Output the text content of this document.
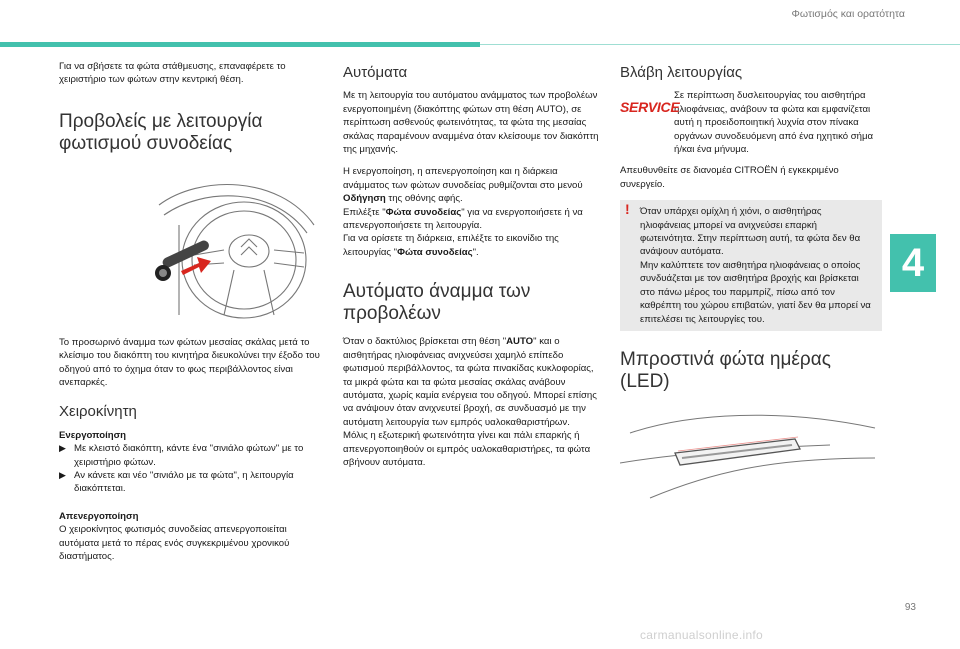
Φωτισμός και ορατότητα

Για να σβήσετε τα φώτα στάθμευσης, επαναφέρετε το χειριστήριο των φώτων στην κεντρική θέση.

Προβολείς με λειτουργία φωτισμού συνοδείας

Το προσωρινό άναμμα των φώτων μεσαίας σκάλας μετά το κλείσιμο του διακόπτη του κινητήρα διευκολύνει την έξοδο του οδηγού από το όχημα όταν το φως περιβάλλοντος είναι ανεπαρκές.

Χειροκίνητη

Ενεργοποίηση

▶ Με κλειστό διακόπτη, κάντε ένα "σινιάλο φώτων" με το χειριστήριο φώτων.
▶ Αν κάνετε και νέο "σινιάλο με τα φώτα", η λειτουργία διακόπτεται.

Απενεργοποίηση

Ο χειροκίνητος φωτισμός συνοδείας απενεργοποιείται αυτόματα μετά το πέρας ενός συγκεκριμένου χρονικού διαστήματος.

Αυτόματα

Με τη λειτουργία του αυτόματου ανάμματος των προβολέων ενεργοποιημένη (διακόπτης φώτων στη θέση AUTO), σε περίπτωση ασθενούς φωτεινότητας, τα φώτα της μεσαίας σκάλας παραμένουν αναμμένα όταν κλείσουμε τον διακόπτη της μηχανής.

Η ενεργοποίηση, η απενεργοποίηση και η διάρκεια ανάμματος των φώτων συνοδείας ρυθμίζονται στο μενού Οδήγηση της οθόνης αφής.

Επιλέξτε "Φώτα συνοδείας" για να ενεργοποιήσετε ή να απενεργοποιήσετε τη λειτουργία.

Για να ορίσετε τη διάρκεια, επιλέξτε το εικονίδιο της λειτουργίας "Φώτα συνοδείας".

Αυτόματο άναμμα των προβολέων

Όταν ο δακτύλιος βρίσκεται στη θέση "AUTO" και ο αισθητήρας ηλιοφάνειας ανιχνεύσει χαμηλό επίπεδο φωτισμού περιβάλλοντος, τα φώτα πινακίδας κυκλοφορίας, τα μικρά φώτα και τα φώτα μεσαίας σκάλας ανάβουν αυτόματα, χωρίς καμία ενέργεια του οδηγού. Μπορεί επίσης να ανάψουν όταν ανιχνευτεί βροχή, σε συνδυασμό με την αυτόματη λειτουργία των εμπρός υαλοκαθαριστήρων.

Μόλις η εξωτερική φωτεινότητα γίνει και πάλι επαρκής ή απενεργοποιηθούν οι εμπρός υαλοκαθαριστήρες, τα φώτα σβήνουν αυτόματα.

Βλάβη λειτουργίας
SERVICE
Σε περίπτωση δυσλειτουργίας του αισθητήρα ηλιοφάνειας, ανάβουν τα φώτα και εμφανίζεται αυτή η προειδοποιητική λυχνία στον πίνακα οργάνων συνοδευόμενη από ένα ηχητικό σήμα ή/και ένα μήνυμα.

Απευθυνθείτε σε διανομέα CITROËN ή εγκεκριμένο συνεργείο.

! Όταν υπάρχει ομίχλη ή χιόνι, ο αισθητήρας ηλιοφάνειας μπορεί να ανιχνεύσει επαρκή φωτεινότητα. Στην περίπτωση αυτή, τα φώτα δεν θα ανάψουν αυτόματα.

Μην καλύπτετε τον αισθητήρα ηλιοφάνειας ο οποίος συνδυάζεται με τον αισθητήρα βροχής και βρίσκεται στο πάνω μέρος του παρμπρίζ, πίσω από τον καθρέπτη του χώρου επιβατών, γιατί δεν θα μπορεί να επιτελέσει τις λειτουργίες του.

Μπροστινά φώτα ημέρας (LED)
4
93
carmanualsonline.info
